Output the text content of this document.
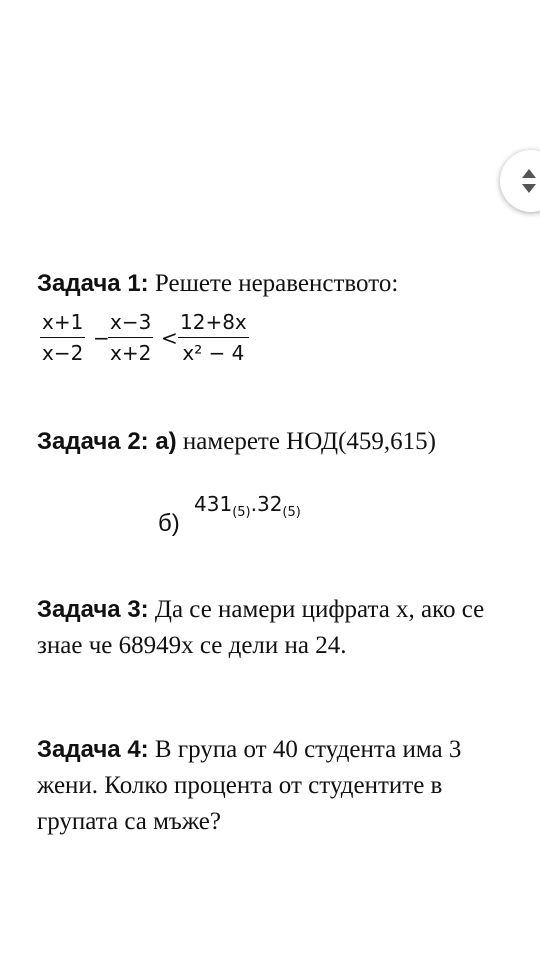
Задача 1: Решете неравенството:
$\frac{x+1}{x-2}$ −
$\frac{x-3}{x+2} < \frac{12+8x}{\text{x² − 4}}$
Задача 2: а) намерете НОД(459,615)
б)
$431_{(5)}.32_{(5)}$
Задача 3: Да се намери цифрата x, ако се знае че 68949x се дели на 24.
Задача 4: В група от 40 студента има 3 жени. Колко процента от студентите в групата са мъже?
